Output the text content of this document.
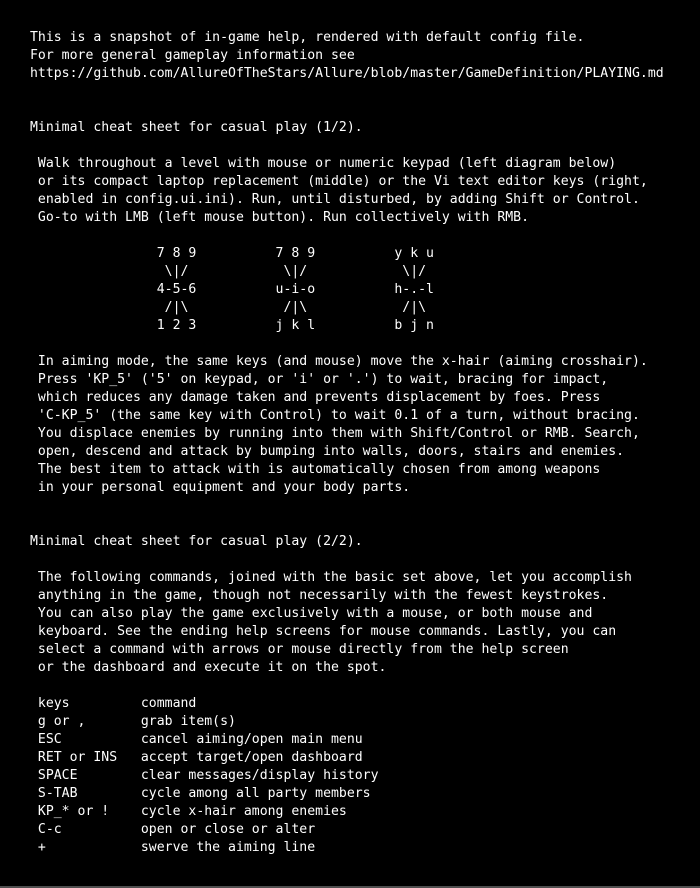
This is a snapshot of in-game help, rendered with default config file.
For more general gameplay information see
https://github.com/AllureOfTheStars/Allure/blob/master/GameDefinition/PLAYING.md
Minimal cheat sheet for casual play (1/2).
Walk throughout a level with mouse or numeric keypad (left diagram below)
or its compact laptop replacement (middle) or the Vi text editor keys (right,
enabled in config.ui.ini). Run, until disturbed, by adding Shift or Control.
Go-to with LMB (left mouse button). Run collectively with RMB.
7 8 9          7 8 9          y k u
\|/            \|/            \|/
4-5-6          u-i-o          h-.-l
/|\            /|\            /|\
1 2 3          j k l          b j n
In aiming mode, the same keys (and mouse) move the x-hair (aiming crosshair).
Press 'KP_5' ('5' on keypad, or 'i' or '.') to wait, bracing for impact,
which reduces any damage taken and prevents displacement by foes. Press
'C-KP_5' (the same key with Control) to wait 0.1 of a turn, without bracing.
You displace enemies by running into them with Shift/Control or RMB. Search,
open, descend and attack by bumping into walls, doors, stairs and enemies.
The best item to attack with is automatically chosen from among weapons
in your personal equipment and your body parts.
Minimal cheat sheet for casual play (2/2).
The following commands, joined with the basic set above, let you accomplish
anything in the game, though not necessarily with the fewest keystrokes.
You can also play the game exclusively with a mouse, or both mouse and
keyboard. See the ending help screens for mouse commands. Lastly, you can
select a command with arrows or mouse directly from the help screen
or the dashboard and execute it on the spot.
keys         command
g or ,       grab item(s)
ESC          cancel aiming/open main menu
RET or INS   accept target/open dashboard
SPACE        clear messages/display history
S-TAB        cycle among all party members
KP_* or !    cycle x-hair among enemies
C-c          open or close or alter
+            swerve the aiming line
